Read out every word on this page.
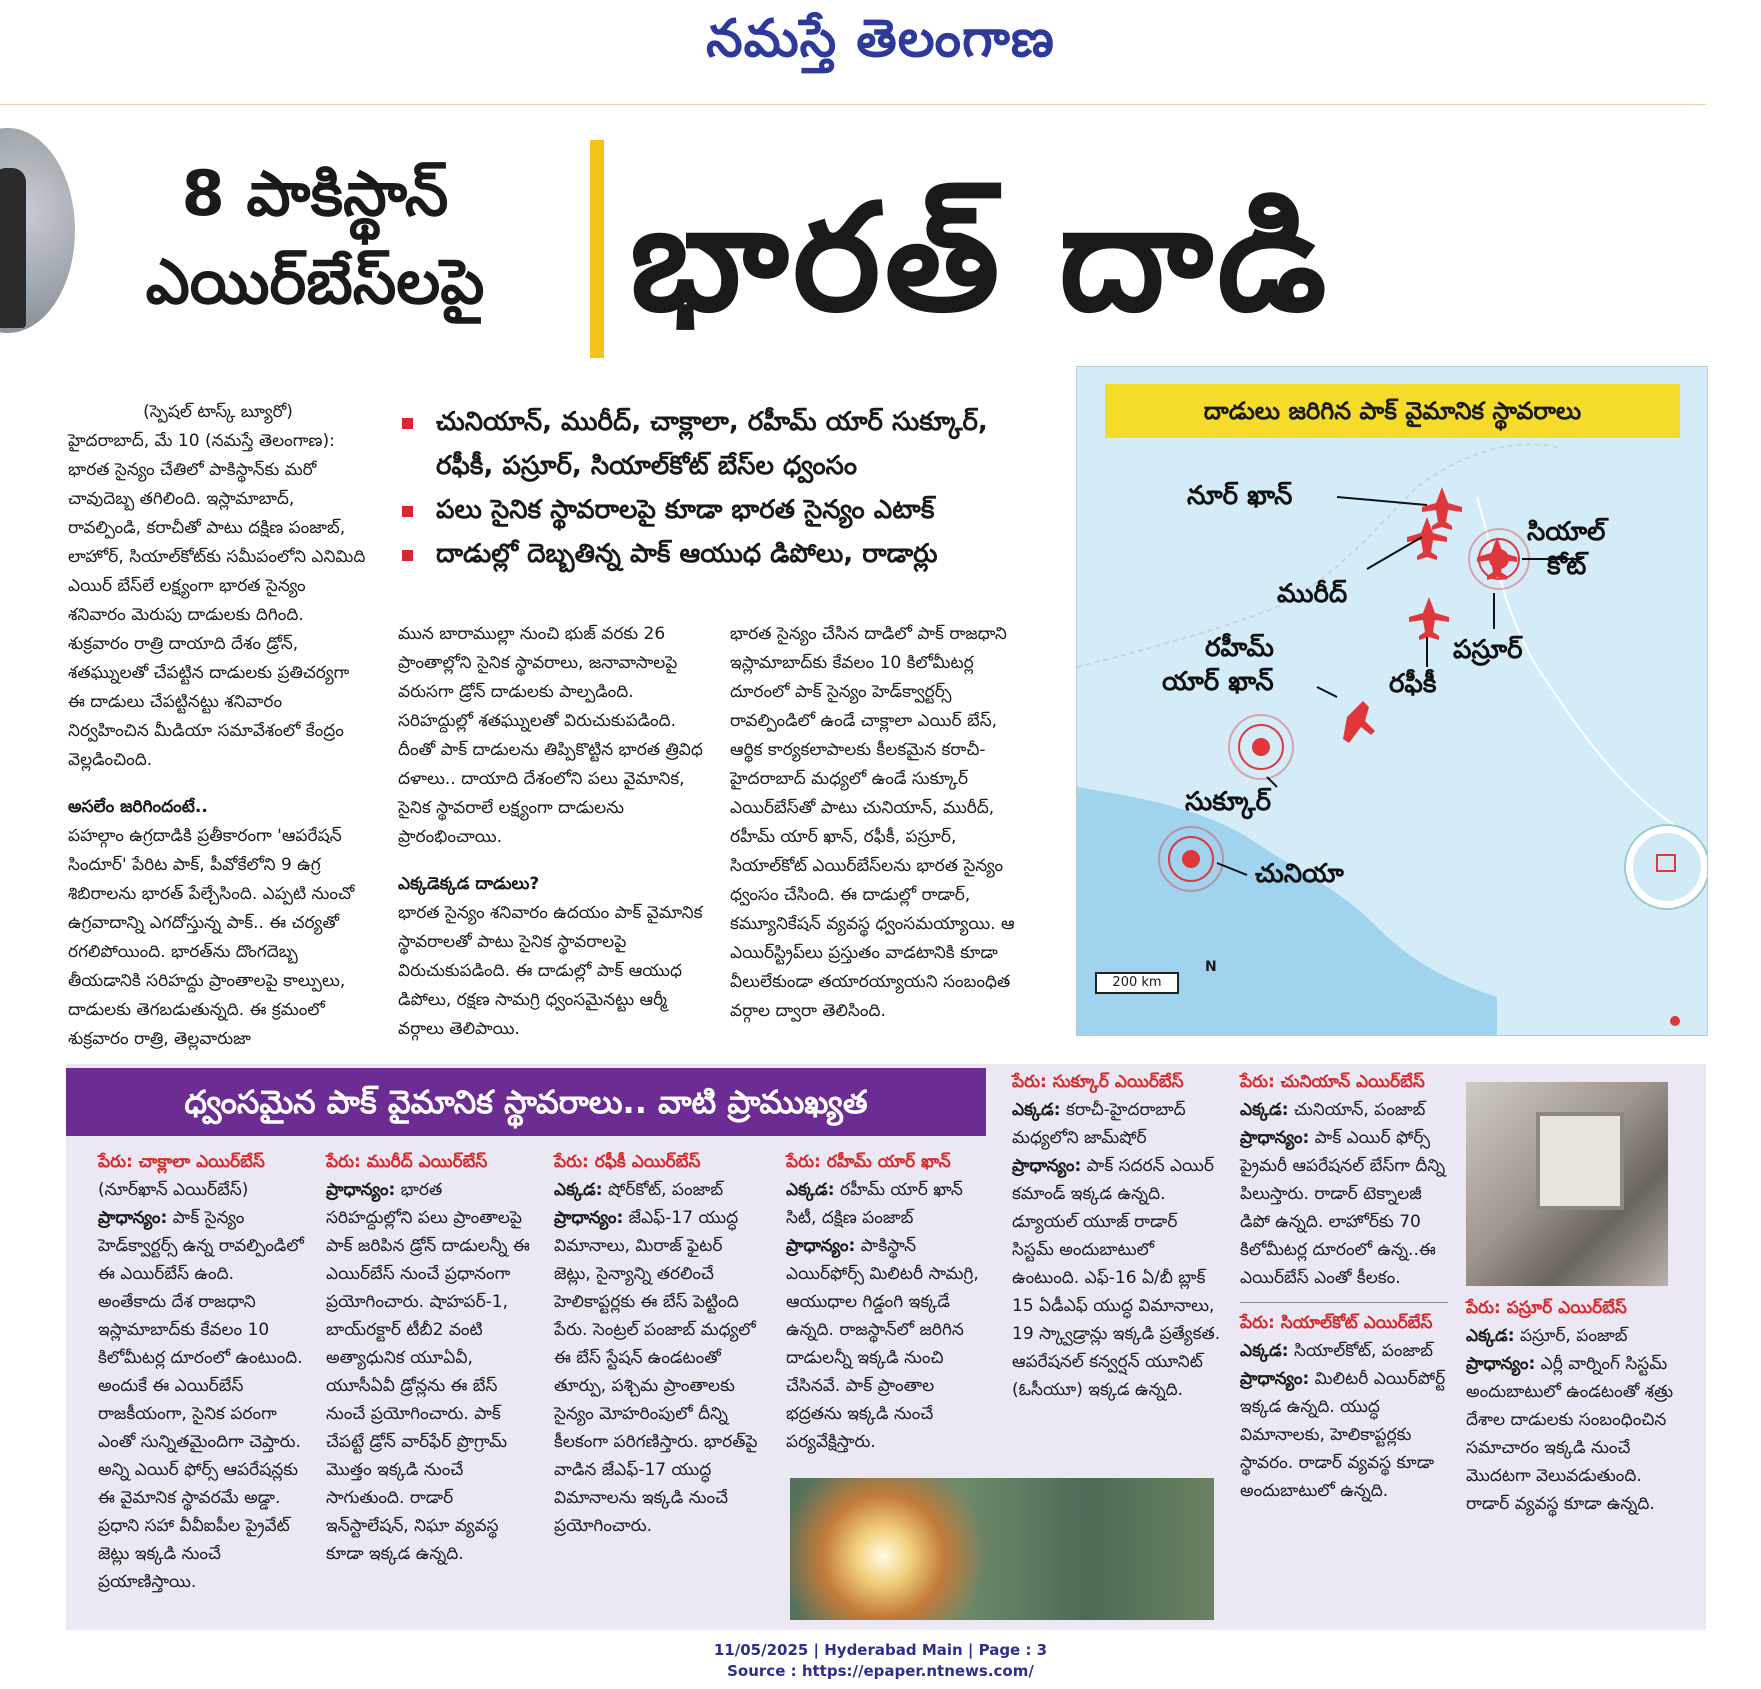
నమస్తే తెలంగాణ
8 పాకిస్థాన్
ఎయిర్‌బేస్‌లపై భారత్ దాడి

(స్పెషల్ టాస్క్ బ్యూరో)

హైదరాబాద్, మే 10 (నమస్తే తెలంగాణ): భారత సైన్యం చేతిలో పాకిస్థాన్‌కు మరో చావుదెబ్బ తగిలింది. ఇస్లామాబాద్, రావల్పిండి, కరాచీతో పాటు దక్షిణ పంజాబ్, లాహోర్, సియాల్‌కోట్‌కు సమీపంలోని ఎనిమిది ఎయిర్ బేస్‌లే లక్ష్యంగా భారత సైన్యం శనివారం మెరుపు దాడులకు దిగింది. శుక్రవారం రాత్రి దాయాది దేశం డ్రోన్, శతఘ్నులతో చేపట్టిన దాడులకు ప్రతిచర్యగా ఈ దాడులు చేపట్టినట్టు శనివారం నిర్వహించిన మీడియా సమావేశంలో కేంద్రం వెల్లడించింది.

అసలేం జరిగిందంటే..

పహల్గాం ఉగ్రదాడికి ప్రతీకారంగా 'ఆపరేషన్ సిందూర్' పేరిట పాక్, పీవోకేలోని 9 ఉగ్ర శిబిరాలను భారత్ పేల్చేసింది. ఎప్పటి నుంచో ఉగ్రవాదాన్ని ఎగదోస్తున్న పాక్.. ఈ చర్యతో రగలిపోయింది. భారత్‌ను దొంగదెబ్బ తీయడానికి సరిహద్దు ప్రాంతాలపై కాల్పులు, దాడులకు తెగబడుతున్నది. ఈ క్రమంలో శుక్రవారం రాత్రి, తెల్లవారుజా

చునియాన్, మురీద్, చాక్లాలా, రహీమ్ యార్ సుక్కూర్, రఫీకీ, పస్రూర్, సియాల్‌కోట్ బేస్‌ల ధ్వంసం
పలు సైనిక స్థావరాలపై కూడా భారత సైన్యం ఎటాక్
దాడుల్లో దెబ్బతిన్న పాక్ ఆయుధ డిపోలు, రాడార్లు

మున బారాముల్లా నుంచి భుజ్ వరకు 26 ప్రాంతాల్లోని సైనిక స్థావరాలు, జనావాసాలపై వరుసగా డ్రోన్ దాడులకు పాల్పడింది. సరిహద్దుల్లో శతఘ్నులతో విరుచుకుపడింది. దీంతో పాక్ దాడులను తిప్పికొట్టిన భారత త్రివిధ దళాలు.. దాయాది దేశంలోని పలు వైమానిక, సైనిక స్థావరాలే లక్ష్యంగా దాడులను ప్రారంభించాయి.

ఎక్కడెక్కడ దాడులు?

భారత సైన్యం శనివారం ఉదయం పాక్ వైమానిక స్థావరాలతో పాటు సైనిక స్థావరాలపై విరుచుకుపడింది. ఈ దాడుల్లో పాక్ ఆయుధ డిపోలు, రక్షణ సామగ్రి ధ్వంసమైనట్టు ఆర్మీ వర్గాలు తెలిపాయి.

భారత సైన్యం చేసిన దాడిలో పాక్ రాజధాని ఇస్లామాబాద్‌కు కేవలం 10 కిలోమీటర్ల దూరంలో పాక్ సైన్యం హెడ్‌క్వార్టర్స్ రావల్పిండిలో ఉండే చాక్లాలా ఎయిర్ బేస్, ఆర్థిక కార్యకలాపాలకు కీలకమైన కరాచీ-హైదరాబాద్ మధ్యలో ఉండే సుక్కూర్ ఎయిర్‌బేస్‌తో పాటు చునియాన్, మురీద్, రహీమ్ యార్ ఖాన్, రఫీకీ, పస్రూర్, సియాల్‌కోట్ ఎయిర్‌బేస్‌లను భారత సైన్యం ధ్వంసం చేసింది. ఈ దాడుల్లో రాడార్, కమ్యూనికేషన్ వ్యవస్థ ధ్వంసమయ్యాయి. ఆ ఎయిర్‌స్ట్రిప్‌లు ప్రస్తుతం వాడటానికి కూడా వీలులేకుండా తయారయ్యాయని సంబంధిత వర్గాల ద్వారా తెలిసింది.

దాడులు జరిగిన పాక్ వైమానిక స్థావరాలు
నూర్ ఖాన్
సియాల్
కోట్
మురీద్
పస్రూర్
రహీమ్
యార్ ఖాన్	రఫీకీ
సుక్కూర్
చునియా
200 km
N
ధ్వంసమైన పాక్ వైమానిక స్థావరాలు.. వాటి ప్రాముఖ్యత

పేరు: చాక్లాలా ఎయిర్‌బేస్

(నూర్‌ఖాన్ ఎయిర్‌బేస్)

ప్రాధాన్యం: పాక్ సైన్యం హెడ్‌క్వార్టర్స్ ఉన్న రావల్పిండిలో ఈ ఎయిర్‌బేస్ ఉంది. అంతేకాదు దేశ రాజధాని ఇస్లామాబాద్‌కు కేవలం 10 కిలోమీటర్ల దూరంలో ఉంటుంది. అందుకే ఈ ఎయిర్‌బేస్ రాజకీయంగా, సైనిక పరంగా ఎంతో సున్నితమైందిగా చెప్తారు. అన్ని ఎయిర్ ఫోర్స్ ఆపరేషన్లకు ఈ వైమానిక స్థావరమే అడ్డా. ప్రధాని సహా వీవీఐపీల ప్రైవేట్ జెట్లు ఇక్కడి నుంచే ప్రయాణిస్తాయి.

పేరు: మురీద్ ఎయిర్‌బేస్

ప్రాధాన్యం: భారత సరిహద్దుల్లోని పలు ప్రాంతాలపై పాక్ జరిపిన డ్రోన్ దాడులన్నీ ఈ ఎయిర్‌బేస్ నుంచే ప్రధానంగా ప్రయోగించారు. షాహపర్-1, బాయ్‌రక్టార్ టీబీ2 వంటి అత్యాధునిక యూఏవీ, యూసీఏవీ డ్రోన్లను ఈ బేస్ నుంచే ప్రయోగించారు. పాక్ చేపట్టే డ్రోన్ వార్‌ఫేర్ ప్రొగ్రామ్ మొత్తం ఇక్కడి నుంచే సాగుతుంది. రాడార్ ఇన్‌స్టాలేషన్, నిఘా వ్యవస్థ కూడా ఇక్కడ ఉన్నది.

పేరు: రఫీకీ ఎయిర్‌బేస్

ఎక్కడ: షోర్‌కోట్, పంజాబ్

ప్రాధాన్యం: జేఎఫ్-17 యుద్ధ విమానాలు, మిరాజ్ ఫైటర్ జెట్లు, సైన్యాన్ని తరలించే హెలికాప్టర్లకు ఈ బేస్ పెట్టింది పేరు. సెంట్రల్ పంజాబ్ మధ్యలో ఈ బేస్ స్టేషన్ ఉండటంతో తూర్పు, పశ్చిమ ప్రాంతాలకు సైన్యం మోహరింపులో దీన్ని కీలకంగా పరిగణిస్తారు. భారత్‌పై వాడిన జేఎఫ్-17 యుద్ధ విమానాలను ఇక్కడి నుంచే ప్రయోగించారు.

పేరు: రహీమ్ యార్ ఖాన్

ఎక్కడ: రహీమ్ యార్ ఖాన్ సిటీ, దక్షిణ పంజాబ్

ప్రాధాన్యం: పాకిస్థాన్ ఎయిర్‌ఫోర్స్ మిలిటరీ సామగ్రి, ఆయుధాల గిడ్డంగి ఇక్కడే ఉన్నది. రాజస్థాన్‌లో జరిగిన దాడులన్నీ ఇక్కడి నుంచి చేసినవే. పాక్ ప్రాంతాల భద్రతను ఇక్కడి నుంచే పర్యవేక్షిస్తారు.

పేరు: సుక్కూర్ ఎయిర్‌బేస్

ఎక్కడ: కరాచీ-హైదరాబాద్ మధ్యలోని జామ్‌షోర్

ప్రాధాన్యం: పాక్ సదరన్ ఎయిర్ కమాండ్ ఇక్కడ ఉన్నది. డ్యూయల్ యూజ్ రాడార్ సిస్టమ్ అందుబాటులో ఉంటుంది. ఎఫ్-16 ఏ/బీ బ్లాక్ 15 ఏడీఎఫ్ యుద్ధ విమానాలు, 19 స్క్వాడ్రాన్లు ఇక్కడి ప్రత్యేకత. ఆపరేషనల్ కన్వర్షన్ యూనిట్ (ఓసీయూ) ఇక్కడ ఉన్నది.

పేరు: చునియాన్ ఎయిర్‌బేస్

ఎక్కడ: చునియాన్, పంజాబ్

ప్రాధాన్యం: పాక్ ఎయిర్ ఫోర్స్ ప్రైమరీ ఆపరేషనల్ బేస్‌గా దీన్ని పిలుస్తారు. రాడార్ టెక్నాలజీ డిపో ఉన్నది. లాహోర్‌కు 70 కిలోమీటర్ల దూరంలో ఉన్న..ఈ ఎయిర్‌బేస్ ఎంతో కీలకం.

పేరు: సియాల్‌కోట్ ఎయిర్‌బేస్

ఎక్కడ: సియాల్‌కోట్, పంజాబ్

ప్రాధాన్యం: మిలిటరీ ఎయిర్‌పోర్ట్ ఇక్కడ ఉన్నది. యుద్ధ విమానాలకు, హెలికాప్టర్లకు స్థావరం. రాడార్ వ్యవస్థ కూడా అందుబాటులో ఉన్నది.

పేరు: పస్రూర్ ఎయిర్‌బేస్

ఎక్కడ: పస్రూర్, పంజాబ్

ప్రాధాన్యం: ఎర్లీ వార్నింగ్ సిస్టమ్ అందుబాటులో ఉండటంతో శత్రు దేశాల దాడులకు సంబంధించిన సమాచారం ఇక్కడి నుంచే మొదటగా వెలువడుతుంది. రాడార్ వ్యవస్థ కూడా ఉన్నది.

11/05/2025 | Hyderabad Main | Page : 3
Source : https://epaper.ntnews.com/
